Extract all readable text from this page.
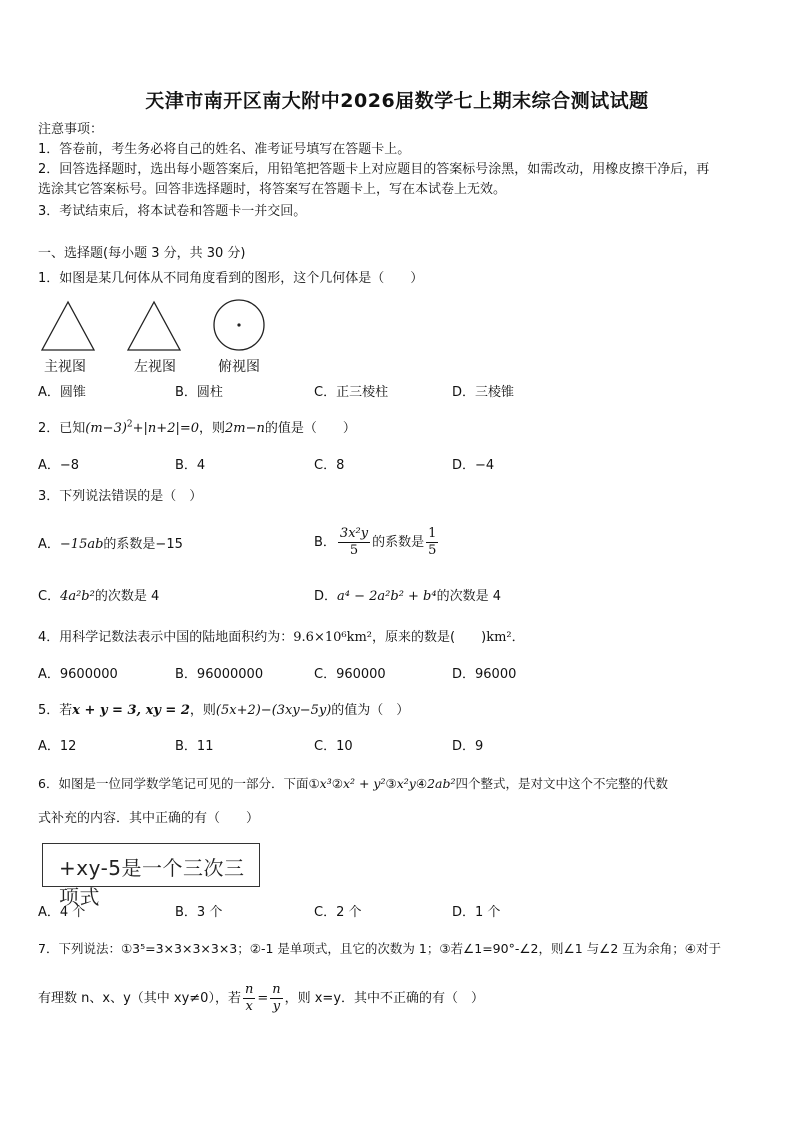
天津市南开区南大附中2026届数学七上期末综合测试试题
注意事项：
1．答卷前，考生务必将自己的姓名、准考证号填写在答题卡上。
2．回答选择题时，选出每小题答案后，用铅笔把答题卡上对应题目的答案标号涂黑，如需改动，用橡皮擦干净后，再
选涂其它答案标号。回答非选择题时，将答案写在答题卡上，写在本试卷上无效。
3．考试结束后，将本试卷和答题卡一并交回。
一、选择题(每小题 3 分，共 30 分)
1．如图是某几何体从不同角度看到的图形，这个几何体是（　　）
主视图	左视图	俯视图
A．圆锥	B．圆柱	C．正三棱柱	D．三棱锥
2．已知$(m-3)^2+|n+2|=0$，则2m−n的值是（　　）
A．−8	B．4	C．8	D．−4
3．下列说法错误的是（　）
A．−15ab的系数是−15	B． $\frac{\text{3x²y}}{5}$ 的系数是 $\frac{1}{5}$
C．4a²b²的次数是 4	D．a⁴ − 2a²b² + b⁴的次数是 4
4．用科学记数法表示中国的陆地面积约为：9.6×10⁶km²，原来的数是(　　)km²．
A．9600000	B．96000000	C．960000	D．96000
5．若x + y = 3, xy = 2，则(5x+2)−(3xy−5y)的值为（　）
A．12	B．11	C．10	D．9
6．如图是一位同学数学笔记可见的一部分．下面①x³②x² + y²③x²y④2ab²四个整式，是对文中这个不完整的代数
式补充的内容．其中正确的有（　　）
+xy-5是一个三次三项式
A．4 个	B．3 个	C．2 个	D．1 个
7．下列说法：①3⁵=3×3×3×3×3；②-1 是单项式，且它的次数为 1；③若∠1=90°-∠2，则∠1 与∠2 互为余角；④对于
有理数 n、x、y（其中 xy≠0），若 $\frac{n}{x} = \frac{n}{y}$ ，则 x=y．其中不正确的有（　）
